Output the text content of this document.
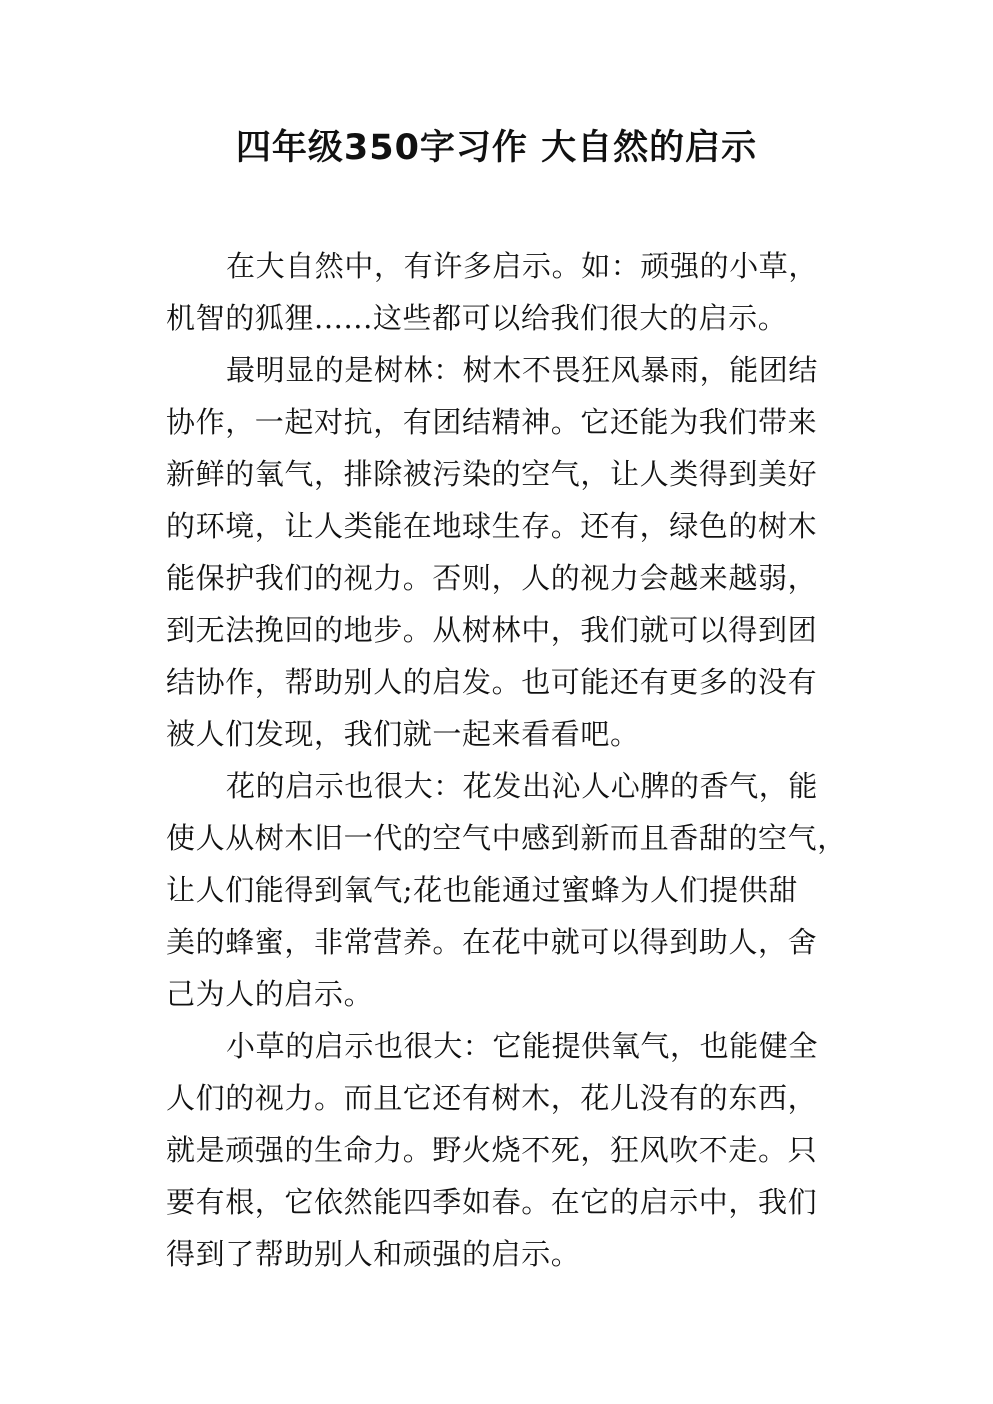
四年级350字习作 大自然的启示
在大自然中，有许多启示。如：顽强的小草，
机智的狐狸......这些都可以给我们很大的启示。
最明显的是树林：树木不畏狂风暴雨，能团结
协作，一起对抗，有团结精神。它还能为我们带来
新鲜的氧气，排除被污染的空气，让人类得到美好
的环境，让人类能在地球生存。还有，绿色的树木
能保护我们的视力。否则，人的视力会越来越弱，
到无法挽回的地步。从树林中，我们就可以得到团
结协作，帮助别人的启发。也可能还有更多的没有
被人们发现，我们就一起来看看吧。
花的启示也很大：花发出沁人心脾的香气，能
使人从树木旧一代的空气中感到新而且香甜的空气，
让人们能得到氧气;花也能通过蜜蜂为人们提供甜
美的蜂蜜，非常营养。在花中就可以得到助人，舍
己为人的启示。
小草的启示也很大：它能提供氧气，也能健全
人们的视力。而且它还有树木，花儿没有的东西，
就是顽强的生命力。野火烧不死，狂风吹不走。只
要有根，它依然能四季如春。在它的启示中，我们
得到了帮助别人和顽强的启示。
